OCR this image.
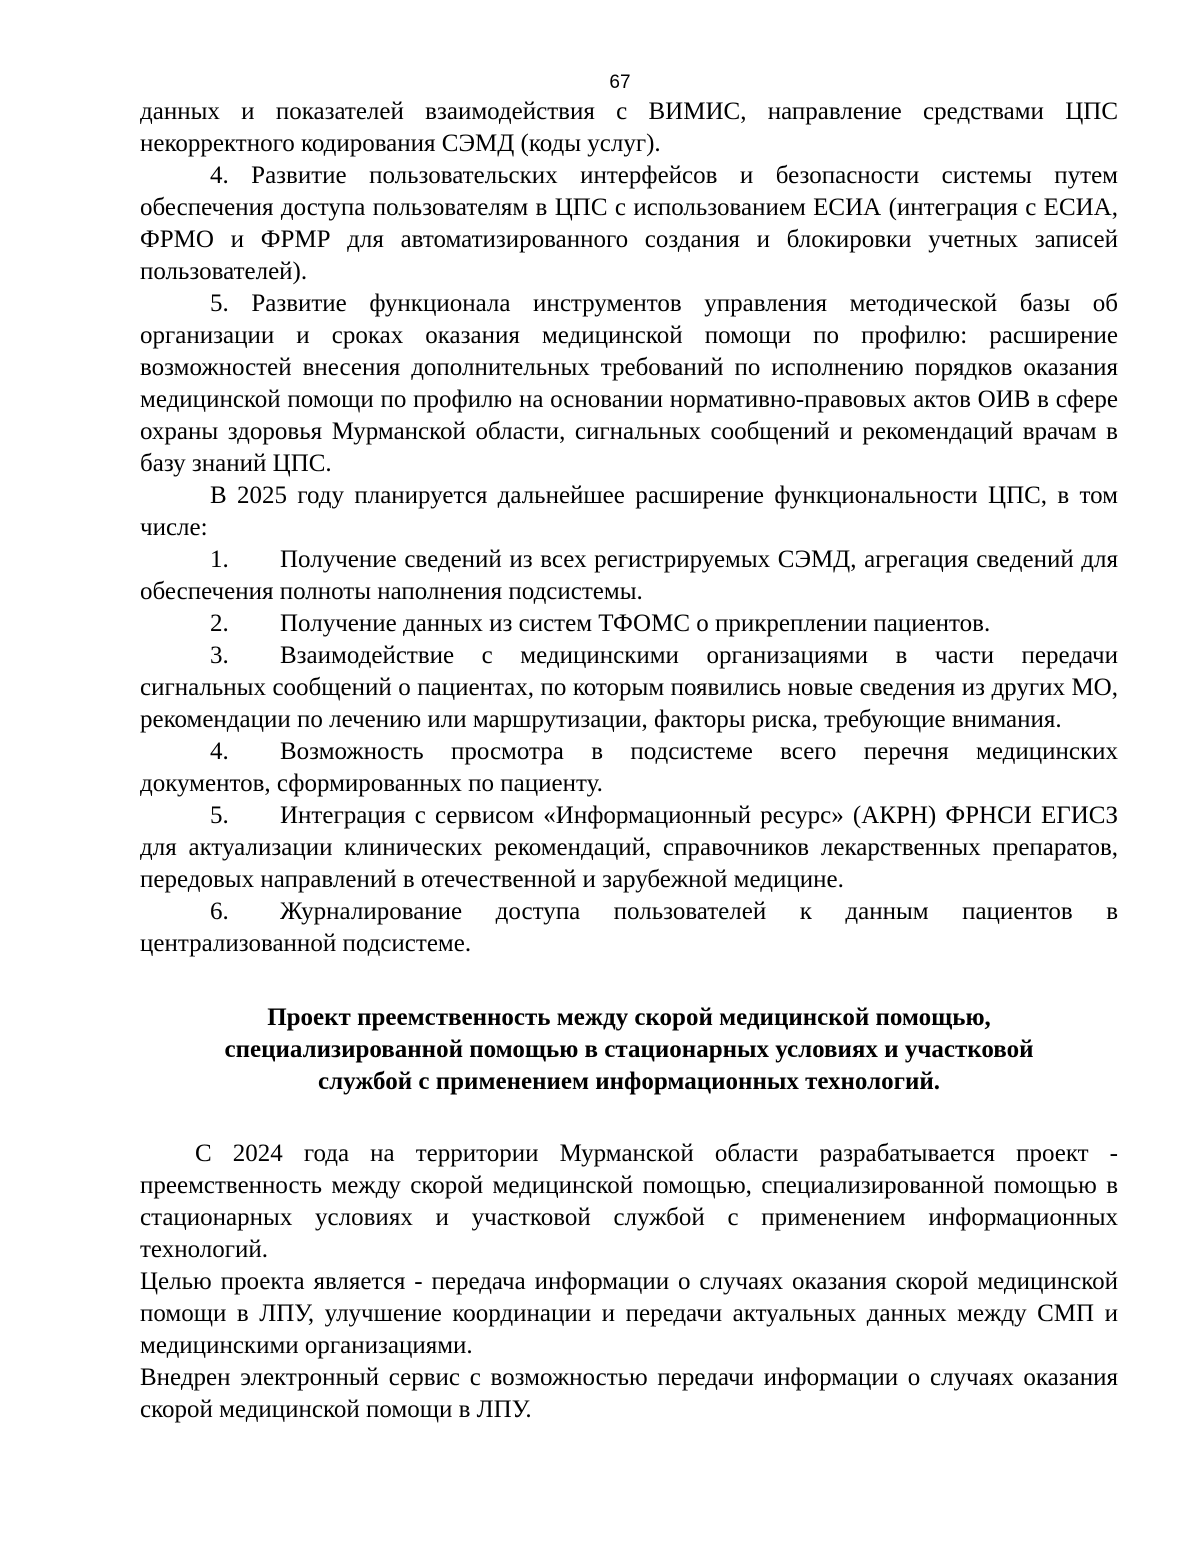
67

данных и показателей взаимодействия с ВИМИС, направление средствами ЦПС некорректного кодирования СЭМД (коды услуг).

4. Развитие пользовательских интерфейсов и безопасности системы путем обеспечения доступа пользователям в ЦПС с использованием ЕСИА (интеграция с ЕСИА, ФРМО и ФРМР для автоматизированного создания и блокировки учетных записей пользователей).

5. Развитие функционала инструментов управления методической базы об организации и сроках оказания медицинской помощи по профилю: расширение возможностей внесения дополнительных требований по исполнению порядков оказания медицинской помощи по профилю на основании нормативно-правовых актов ОИВ в сфере охраны здоровья Мурманской области, сигнальных сообщений и рекомендаций врачам в базу знаний ЦПС.

В 2025 году планируется дальнейшее расширение функциональности ЦПС, в том числе:

1. Получение сведений из всех регистрируемых СЭМД, агрегация сведений для обеспечения полноты наполнения подсистемы.

2. Получение данных из систем ТФОМС о прикреплении пациентов.

3. Взаимодействие с медицинскими организациями в части передачи сигнальных сообщений о пациентах, по которым появились новые сведения из других МО, рекомендации по лечению или маршрутизации, факторы риска, требующие внимания.

4. Возможность просмотра в подсистеме всего перечня медицинских документов, сформированных по пациенту.

5. Интеграция с сервисом «Информационный ресурс» (АКРН) ФРНСИ ЕГИСЗ для актуализации клинических рекомендаций, справочников лекарственных препаратов, передовых направлений в отечественной и зарубежной медицине.

6. Журналирование доступа пользователей к данным пациентов в централизованной подсистеме.

Проект преемственность между скорой медицинской помощью,
специализированной помощью в стационарных условиях и участковой
службой с применением информационных технологий.

С 2024 года на территории Мурманской области разрабатывается проект - преемственность между скорой медицинской помощью, специализированной помощью в стационарных условиях и участковой службой с применением информационных технологий.

Целью проекта является - передача информации о случаях оказания скорой медицинской помощи в ЛПУ, улучшение координации и передачи актуальных данных между СМП и медицинскими организациями.

Внедрен электронный сервис с возможностью передачи информации о случаях оказания скорой медицинской помощи в ЛПУ.
